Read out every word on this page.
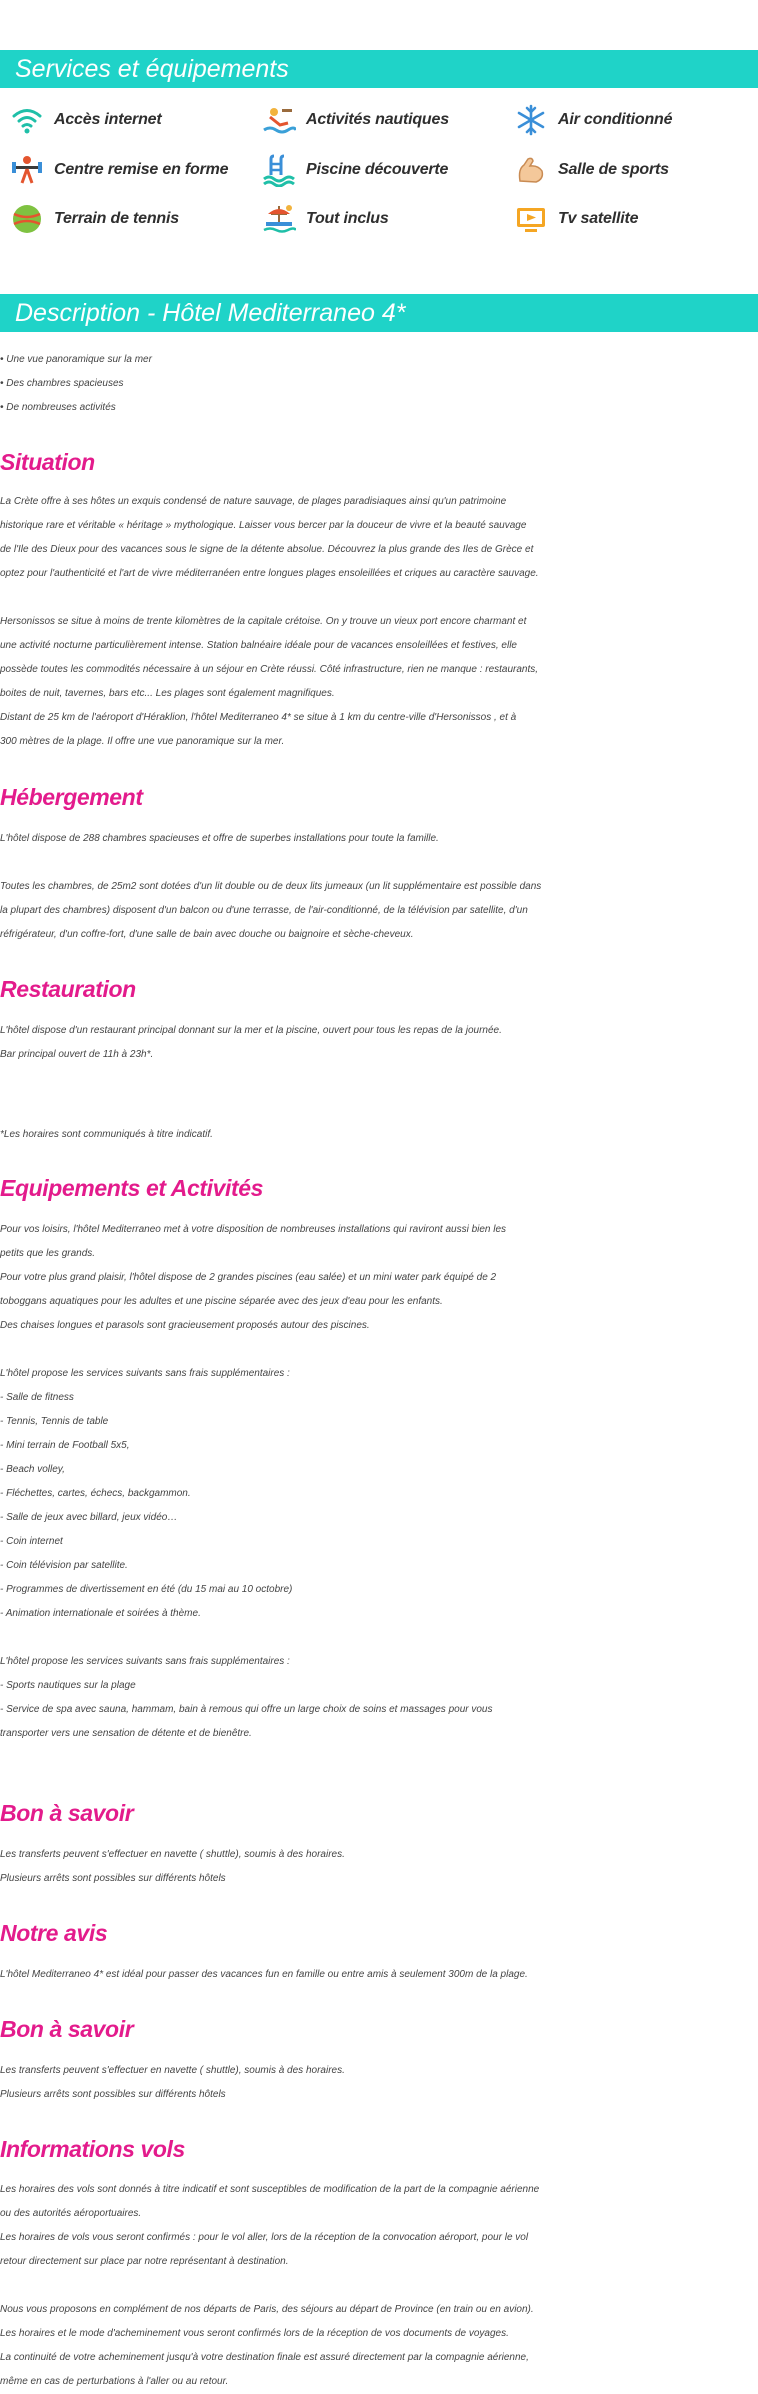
Services et équipements
Accès internet	Activités nautiques	Air conditionné
Centre remise en forme	Piscine découverte	Salle de sports
Terrain de tennis	Tout inclus	Tv satellite
Description - Hôtel Mediterraneo 4*
• Une vue panoramique sur la mer
• Des chambres spacieuses
• De nombreuses activités
Situation
La Crète offre à ses hôtes un exquis condensé de nature sauvage, de plages paradisiaques ainsi qu'un patrimoine
historique rare et véritable « héritage » mythologique. Laisser vous bercer par la douceur de vivre et la beauté sauvage
de l'Ile des Dieux pour des vacances sous le signe de la détente absolue. Découvrez la plus grande des Iles de Grèce et
optez pour l'authenticité et l'art de vivre méditerranéen entre longues plages ensoleillées et criques au caractère sauvage.
Hersonissos se situe à moins de trente kilomètres de la capitale crétoise. On y trouve un vieux port encore charmant et
une activité nocturne particulièrement intense. Station balnéaire idéale pour de vacances ensoleillées et festives, elle
possède toutes les commodités nécessaire à un séjour en Crète réussi. Côté infrastructure, rien ne manque : restaurants,
boites de nuit, tavernes, bars etc... Les plages sont également magnifiques.
Distant de 25 km de l'aéroport d'Héraklion, l'hôtel Mediterraneo 4* se situe à 1 km du centre-ville d'Hersonissos , et à
300 mètres de la plage. Il offre une vue panoramique sur la mer.
Hébergement
L'hôtel dispose de 288 chambres spacieuses et offre de superbes installations pour toute la famille.
Toutes les chambres, de 25m2 sont dotées d'un lit double ou de deux lits jumeaux (un lit supplémentaire est possible dans
la plupart des chambres) disposent d'un balcon ou d'une terrasse, de l'air-conditionné, de la télévision par satellite, d'un
réfrigérateur, d'un coffre-fort, d'une salle de bain avec douche ou baignoire et sèche-cheveux.
Restauration
L'hôtel dispose d'un restaurant principal donnant sur la mer et la piscine, ouvert pour tous les repas de la journée.
Bar principal ouvert de 11h à 23h*.
*Les horaires sont communiqués à titre indicatif.
Equipements et Activités
Pour vos loisirs, l'hôtel Mediterraneo met à votre disposition de nombreuses installations qui raviront aussi bien les
petits que les grands.
Pour votre plus grand plaisir, l'hôtel dispose de 2 grandes piscines (eau salée) et un mini water park équipé de 2
toboggans aquatiques pour les adultes et une piscine séparée avec des jeux d'eau pour les enfants.
Des chaises longues et parasols sont gracieusement proposés autour des piscines.
L'hôtel propose les services suivants sans frais supplémentaires :
- Salle de fitness
- Tennis, Tennis de table
- Mini terrain de Football 5x5,
- Beach volley,
- Fléchettes, cartes, échecs, backgammon.
- Salle de jeux avec billard, jeux vidéo…
- Coin internet
- Coin télévision par satellite.
- Programmes de divertissement en été (du 15 mai au 10 octobre)
- Animation internationale et soirées à thème.
L'hôtel propose les services suivants sans frais supplémentaires :
- Sports nautiques sur la plage
- Service de spa avec sauna, hammam, bain à remous qui offre un large choix de soins et massages pour vous
transporter vers une sensation de détente et de bienêtre.
Bon à savoir
Les transferts peuvent s'effectuer en navette ( shuttle), soumis à des horaires.
Plusieurs arrêts sont possibles sur différents hôtels
Notre avis
L'hôtel Mediterraneo 4* est idéal pour passer des vacances fun en famille ou entre amis à seulement 300m de la plage.
Bon à savoir
Les transferts peuvent s'effectuer en navette ( shuttle), soumis à des horaires.
Plusieurs arrêts sont possibles sur différents hôtels
Informations vols
Les horaires des vols sont donnés à titre indicatif et sont susceptibles de modification de la part de la compagnie aérienne
ou des autorités aéroportuaires.
Les horaires de vols vous seront confirmés : pour le vol aller, lors de la réception de la convocation aéroport, pour le vol
retour directement sur place par notre représentant à destination.
Nous vous proposons en complément de nos départs de Paris, des séjours au départ de Province (en train ou en avion).
Les horaires et le mode d'acheminement vous seront confirmés lors de la réception de vos documents de voyages.
La continuité de votre acheminement jusqu'à votre destination finale est assuré directement par la compagnie aérienne,
même en cas de perturbations à l'aller ou au retour.
